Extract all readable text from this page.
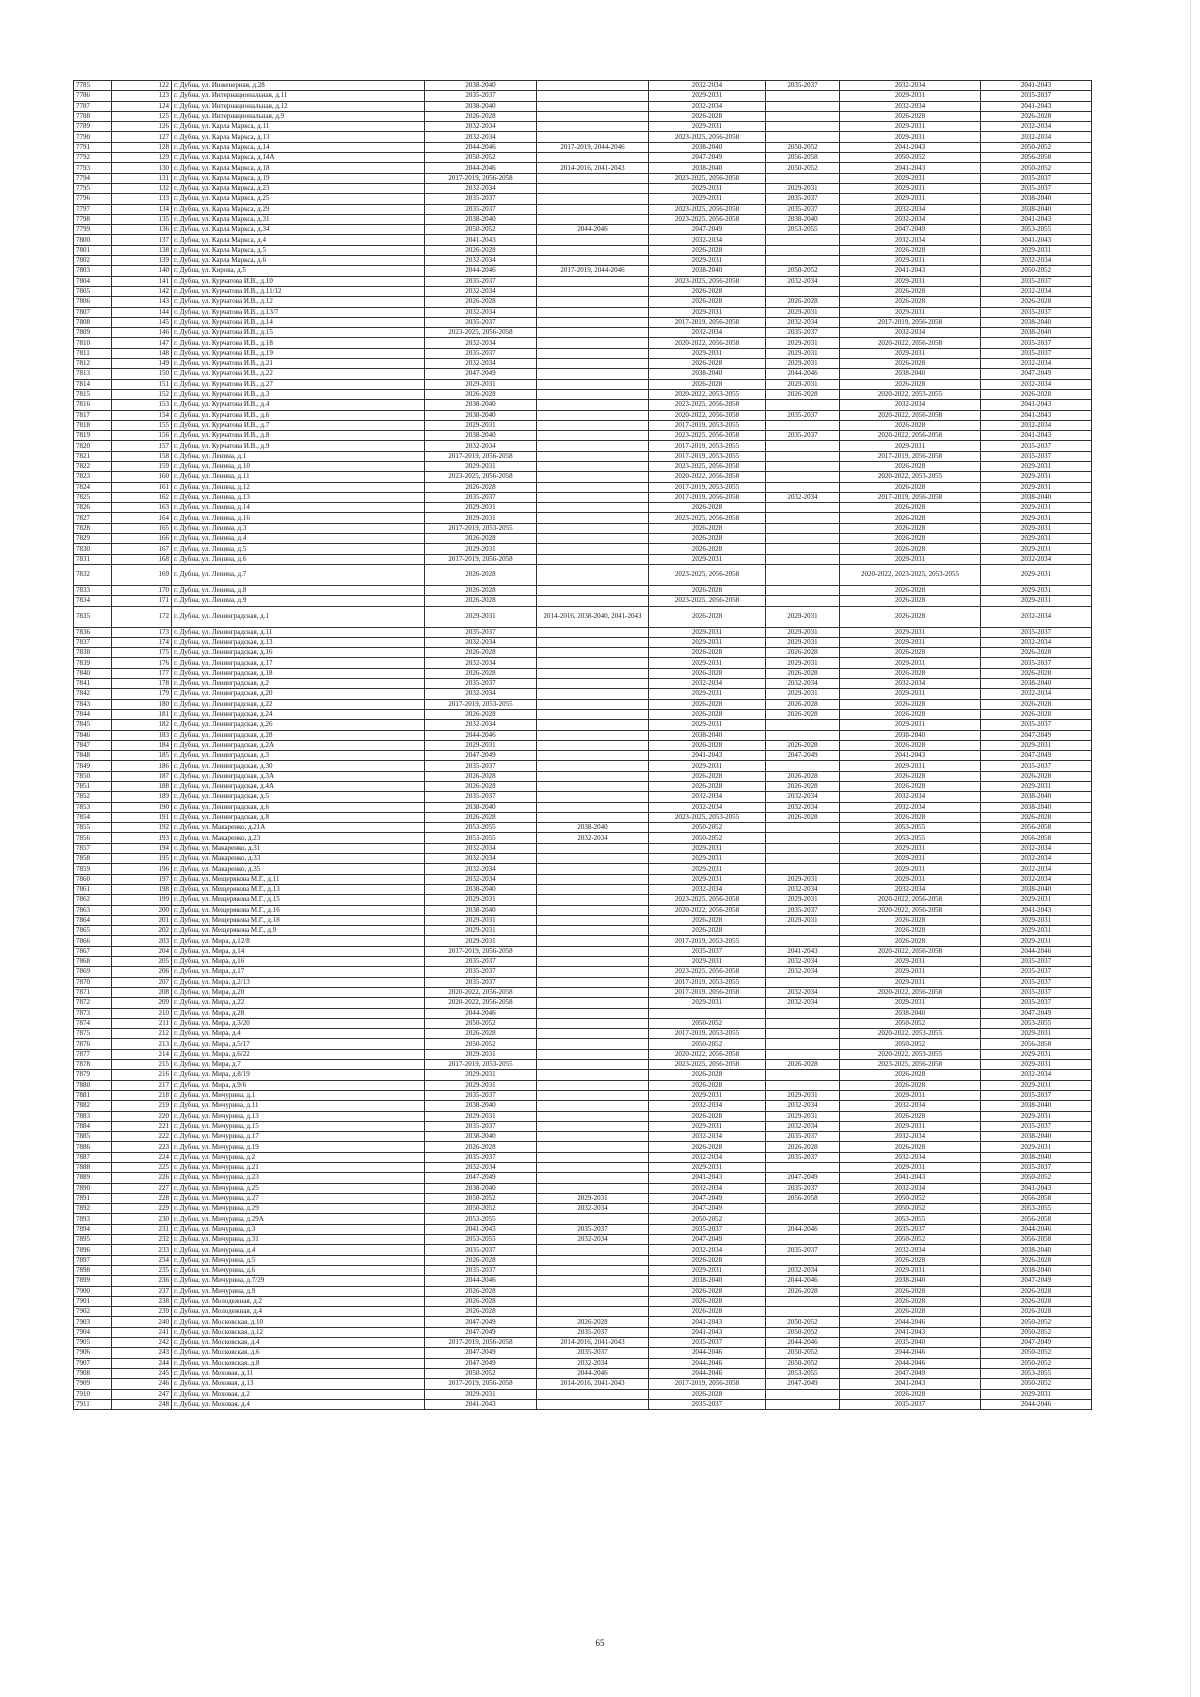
7785	122	г. Дубна, ул. Инженерная, д.28	2038-2040		2032-2034	2035-2037	2032-2034	2041-2043
7786	123	г. Дубна, ул. Интернациональная, д.11	2035-2037		2029-2031		2029-2031	2035-2037
7787	124	г. Дубна, ул. Интернациональная, д.12	2038-2040		2032-2034		2032-2034	2041-2043
7788	125	г. Дубна, ул. Интернациональная, д.9	2026-2028		2026-2028		2026-2028	2026-2028
7789	126	г. Дубна, ул. Карла Маркса, д.11	2032-2034		2029-2031		2029-2031	2032-2034
7790	127	г. Дубна, ул. Карла Маркса, д.13	2032-2034		2023-2025, 2056-2058		2029-2031	2032-2034
7791	128	г. Дубна, ул. Карла Маркса, д.14	2044-2046	2017-2019, 2044-2046	2038-2040	2050-2052	2041-2043	2050-2052
7792	129	г. Дубна, ул. Карла Маркса, д.14А	2050-2052		2047-2049	2056-2058	2050-2052	2056-2058
7793	130	г. Дубна, ул. Карла Маркса, д.18	2044-2046	2014-2016, 2041-2043	2038-2040	2050-2052	2041-2043	2050-2052
7794	131	г. Дубна, ул. Карла Маркса, д.19	2017-2019, 2056-2058		2023-2025, 2056-2058		2029-2031	2035-2037
7795	132	г. Дубна, ул. Карла Маркса, д.23	2032-2034		2029-2031	2029-2031	2029-2031	2035-2037
7796	133	г. Дубна, ул. Карла Маркса, д.25	2035-2037		2029-2031	2035-2037	2029-2031	2038-2040
7797	134	г. Дубна, ул. Карла Маркса, д.29	2035-2037		2023-2025, 2056-2058	2035-2037	2032-2034	2038-2040
7798	135	г. Дубна, ул. Карла Маркса, д.31	2038-2040		2023-2025, 2056-2058	2038-2040	2032-2034	2041-2043
7799	136	г. Дубна, ул. Карла Маркса, д.34	2050-2052	2044-2046	2047-2049	2053-2055	2047-2049	2053-2055
7800	137	г. Дубна, ул. Карла Маркса, д.4	2041-2043		2032-2034		2032-2034	2041-2043
7801	138	г. Дубна, ул. Карла Маркса, д.5	2026-2028		2026-2028		2026-2028	2029-2031
7802	139	г. Дубна, ул. Карла Маркса, д.6	2032-2034		2029-2031		2029-2031	2032-2034
7803	140	г. Дубна, ул. Кирова, д.5	2044-2046	2017-2019, 2044-2046	2038-2040	2050-2052	2041-2043	2050-2052
7804	141	г. Дубна, ул. Курчатова И.В., д.10	2035-2037		2023-2025, 2056-2058	2032-2034	2029-2031	2035-2037
7805	142	г. Дубна, ул. Курчатова И.В., д.11/12	2032-2034		2026-2028		2026-2028	2032-2034
7806	143	г. Дубна, ул. Курчатова И.В., д.12	2026-2028		2026-2028	2026-2028	2026-2028	2026-2028
7807	144	г. Дубна, ул. Курчатова И.В., д.13/7	2032-2034		2029-2031	2029-2031	2029-2031	2035-2037
7808	145	г. Дубна, ул. Курчатова И.В., д.14	2035-2037		2017-2019, 2056-2058	2032-2034	2017-2019, 2056-2058	2038-2040
7809	146	г. Дубна, ул. Курчатова И.В., д.15	2023-2025, 2056-2058		2032-2034	2035-2037	2032-2034	2038-2040
7810	147	г. Дубна, ул. Курчатова И.В., д.18	2032-2034		2020-2022, 2056-2058	2029-2031	2020-2022, 2056-2058	2035-2037
7811	148	г. Дубна, ул. Курчатова И.В., д.19	2035-2037		2029-2031	2029-2031	2029-2031	2035-2037
7812	149	г. Дубна, ул. Курчатова И.В., д.21	2032-2034		2026-2028	2029-2031	2026-2028	2032-2034
7813	150	г. Дубна, ул. Курчатова И.В., д.22	2047-2049		2038-2040	2044-2046	2038-2040	2047-2049
7814	151	г. Дубна, ул. Курчатова И.В., д.27	2029-2031		2026-2028	2029-2031	2026-2028	2032-2034
7815	152	г. Дубна, ул. Курчатова И.В., д.3	2026-2028		2020-2022, 2053-2055	2026-2028	2020-2022, 2053-2055	2026-2028
7816	153	г. Дубна, ул. Курчатова И.В., д.4	2038-2040		2023-2025, 2056-2058		2032-2034	2041-2043
7817	154	г. Дубна, ул. Курчатова И.В., д.6	2038-2040		2020-2022, 2056-2058	2035-2037	2020-2022, 2056-2058	2041-2043
7818	155	г. Дубна, ул. Курчатова И.В., д.7	2029-2031		2017-2019, 2053-2055		2026-2028	2032-2034
7819	156	г. Дубна, ул. Курчатова И.В., д.8	2038-2040		2023-2025, 2056-2058	2035-2037	2020-2022, 2056-2058	2041-2043
7820	157	г. Дубна, ул. Курчатова И.В., д.9	2032-2034		2017-2019, 2053-2055		2029-2031	2035-2037
7821	158	г. Дубна, ул. Ленина, д.1	2017-2019, 2056-2058		2017-2019, 2053-2055		2017-2019, 2056-2058	2035-2037
7822	159	г. Дубна, ул. Ленина, д.10	2029-2031		2023-2025, 2056-2058		2026-2028	2029-2031
7823	160	г. Дубна, ул. Ленина, д.11	2023-2025, 2056-2058		2020-2022, 2056-2058		2020-2022, 2053-2055	2029-2031
7824	161	г. Дубна, ул. Ленина, д.12	2026-2028		2017-2019, 2053-2055		2026-2028	2029-2031
7825	162	г. Дубна, ул. Ленина, д.13	2035-2037		2017-2019, 2056-2058	2032-2034	2017-2019, 2056-2058	2038-2040
7826	163	г. Дубна, ул. Ленина, д.14	2029-2031		2026-2028		2026-2028	2029-2031
7827	164	г. Дубна, ул. Ленина, д.16	2029-2031		2023-2025, 2056-2058		2026-2028	2029-2031
7828	165	г. Дубна, ул. Ленина, д.3	2017-2019, 2053-2055		2026-2028		2026-2028	2029-2031
7829	166	г. Дубна, ул. Ленина, д.4	2026-2028		2026-2028		2026-2028	2029-2031
7830	167	г. Дубна, ул. Ленина, д.5	2029-2031		2026-2028		2026-2028	2029-2031
7831	168	г. Дубна, ул. Ленина, д.6	2017-2019, 2056-2058		2029-2031		2029-2031	2032-2034
7832	169	г. Дубна, ул. Ленина, д.7	2026-2028		2023-2025, 2056-2058		2020-2022, 2023-2025, 2053-2055	2029-2031
7833	170	г. Дубна, ул. Ленина, д.8	2026-2028		2026-2028		2026-2028	2029-2031
7834	171	г. Дубна, ул. Ленина, д.9	2026-2028		2023-2025, 2056-2058		2026-2028	2029-2031
7835	172	г. Дубна, ул. Ленинградская, д.1	2029-2031	2014-2016, 2038-2040, 2041-2043	2026-2028	2029-2031	2026-2028	2032-2034
7836	173	г. Дубна, ул. Ленинградская, д.11	2035-2037		2029-2031	2029-2031	2029-2031	2035-2037
7837	174	г. Дубна, ул. Ленинградская, д.13	2032-2034		2029-2031	2029-2031	2029-2031	2032-2034
7838	175	г. Дубна, ул. Ленинградская, д.16	2026-2028		2026-2028	2026-2028	2026-2028	2026-2028
7839	176	г. Дубна, ул. Ленинградская, д.17	2032-2034		2029-2031	2029-2031	2029-2031	2035-2037
7840	177	г. Дубна, ул. Ленинградская, д.18	2026-2028		2026-2028	2026-2028	2026-2028	2026-2028
7841	178	г. Дубна, ул. Ленинградская, д.2	2035-2037		2032-2034	2032-2034	2032-2034	2038-2040
7842	179	г. Дубна, ул. Ленинградская, д.20	2032-2034		2029-2031	2029-2031	2029-2031	2032-2034
7843	180	г. Дубна, ул. Ленинградская, д.22	2017-2019, 2053-2055		2026-2028	2026-2028	2026-2028	2026-2028
7844	181	г. Дубна, ул. Ленинградская, д.24	2026-2028		2026-2028	2026-2028	2026-2028	2026-2028
7845	182	г. Дубна, ул. Ленинградская, д.26	2032-2034		2029-2031		2029-2031	2035-2037
7846	183	г. Дубна, ул. Ленинградская, д.28	2044-2046		2038-2040		2038-2040	2047-2049
7847	184	г. Дубна, ул. Ленинградская, д.2А	2029-2031		2026-2028	2026-2028	2026-2028	2029-2031
7848	185	г. Дубна, ул. Ленинградская, д.3	2047-2049		2041-2043	2047-2049	2041-2043	2047-2049
7849	186	г. Дубна, ул. Ленинградская, д.30	2035-2037		2029-2031		2029-2031	2035-2037
7850	187	г. Дубна, ул. Ленинградская, д.3А	2026-2028		2026-2028	2026-2028	2026-2028	2026-2028
7851	188	г. Дубна, ул. Ленинградская, д.4А	2026-2028		2026-2028	2026-2028	2026-2028	2029-2031
7852	189	г. Дубна, ул. Ленинградская, д.5	2035-2037		2032-2034	2032-2034	2032-2034	2038-2040
7853	190	г. Дубна, ул. Ленинградская, д.6	2038-2040		2032-2034	2032-2034	2032-2034	2038-2040
7854	191	г. Дубна, ул. Ленинградская, д.8	2026-2028		2023-2025, 2053-2055	2026-2028	2026-2028	2026-2028
7855	192	г. Дубна, ул. Макаренко, д.21А	2053-2055	2038-2040	2050-2052		2053-2055	2056-2058
7856	193	г. Дубна, ул. Макаренко, д.23	2053-2055	2032-2034	2050-2052		2053-2055	2056-2058
7857	194	г. Дубна, ул. Макаренко, д.31	2032-2034		2029-2031		2029-2031	2032-2034
7858	195	г. Дубна, ул. Макаренко, д.33	2032-2034		2029-2031		2029-2031	2032-2034
7859	196	г. Дубна, ул. Макаренко, д.35	2032-2034		2029-2031		2029-2031	2032-2034
7860	197	г. Дубна, ул. Мещерякова М.Г., д.11	2032-2034		2029-2031	2029-2031	2029-2031	2032-2034
7861	198	г. Дубна, ул. Мещерякова М.Г., д.13	2038-2040		2032-2034	2032-2034	2032-2034	2038-2040
7862	199	г. Дубна, ул. Мещерякова М.Г., д.15	2029-2031		2023-2025, 2056-2058	2029-2031	2020-2022, 2056-2058	2029-2031
7863	200	г. Дубна, ул. Мещерякова М.Г., д.16	2038-2040		2020-2022, 2056-2058	2035-2037	2020-2022, 2056-2058	2041-2043
7864	201	г. Дубна, ул. Мещерякова М.Г., д.18	2029-2031		2026-2028	2029-2031	2026-2028	2029-2031
7865	202	г. Дубна, ул. Мещерякова М.Г., д.9	2029-2031		2026-2028		2026-2028	2029-2031
7866	203	г. Дубна, ул. Мира, д.12/8	2029-2031		2017-2019, 2053-2055		2026-2028	2029-2031
7867	204	г. Дубна, ул. Мира, д.14	2017-2019, 2056-2058		2035-2037	2041-2043	2020-2022, 2056-2058	2044-2046
7868	205	г. Дубна, ул. Мира, д.16	2035-2037		2029-2031	2032-2034	2029-2031	2035-2037
7869	206	г. Дубна, ул. Мира, д.17	2035-2037		2023-2025, 2056-2058	2032-2034	2029-2031	2035-2037
7870	207	г. Дубна, ул. Мира, д.2/13	2035-2037		2017-2019, 2053-2055		2029-2031	2035-2037
7871	208	г. Дубна, ул. Мира, д.20	2020-2022, 2056-2058		2017-2019, 2056-2058	2032-2034	2020-2022, 2056-2058	2035-2037
7872	209	г. Дубна, ул. Мира, д.22	2020-2022, 2056-2058		2029-2031	2032-2034	2029-2031	2035-2037
7873	210	г. Дубна, ул. Мира, д.28	2044-2046				2038-2040	2047-2049
7874	211	г. Дубна, ул. Мира, д.3/20	2050-2052		2050-2052		2050-2052	2053-2055
7875	212	г. Дубна, ул. Мира, д.4	2026-2028		2017-2019, 2053-2055		2020-2022, 2053-2055	2029-2031
7876	213	г. Дубна, ул. Мира, д.5/17	2050-2052		2050-2052		2050-2052	2056-2058
7877	214	г. Дубна, ул. Мира, д.6/22	2029-2031		2020-2022, 2056-2058		2020-2022, 2053-2055	2029-2031
7878	215	г. Дубна, ул. Мира, д.7	2017-2019, 2053-2055		2023-2025, 2056-2058	2026-2028	2023-2025, 2056-2058	2029-2031
7879	216	г. Дубна, ул. Мира, д.8/19	2029-2031		2026-2028		2026-2028	2032-2034
7880	217	г. Дубна, ул. Мира, д.9/6	2029-2031		2026-2028		2026-2028	2029-2031
7881	218	г. Дубна, ул. Мичурина, д.1	2035-2037		2029-2031	2029-2031	2029-2031	2035-2037
7882	219	г. Дубна, ул. Мичурина, д.11	2038-2040		2032-2034	2032-2034	2032-2034	2038-2040
7883	220	г. Дубна, ул. Мичурина, д.13	2029-2031		2026-2028	2029-2031	2026-2028	2029-2031
7884	221	г. Дубна, ул. Мичурина, д.15	2035-2037		2029-2031	2032-2034	2029-2031	2035-2037
7885	222	г. Дубна, ул. Мичурина, д.17	2038-2040		2032-2034	2035-2037	2032-2034	2038-2040
7886	223	г. Дубна, ул. Мичурина, д.19	2026-2028		2026-2028	2026-2028	2026-2028	2029-2031
7887	224	г. Дубна, ул. Мичурина, д.2	2035-2037		2032-2034	2035-2037	2032-2034	2038-2040
7888	225	г. Дубна, ул. Мичурина, д.21	2032-2034		2029-2031		2029-2031	2035-2037
7889	226	г. Дубна, ул. Мичурина, д.23	2047-2049		2041-2043	2047-2049	2041-2043	2050-2052
7890	227	г. Дубна, ул. Мичурина, д.25	2038-2040		2032-2034	2035-2037	2032-2034	2041-2043
7891	228	г. Дубна, ул. Мичурина, д.27	2050-2052	2029-2031	2047-2049	2056-2058	2050-2052	2056-2058
7892	229	г. Дубна, ул. Мичурина, д.29	2050-2052	2032-2034	2047-2049		2050-2052	2053-2055
7893	230	г. Дубна, ул. Мичурина, д.29А	2053-2055		2050-2052		2053-2055	2056-2058
7894	231	г. Дубна, ул. Мичурина, д.3	2041-2043	2035-2037	2035-2037	2044-2046	2035-2037	2044-2046
7895	232	г. Дубна, ул. Мичурина, д.31	2053-2055	2032-2034	2047-2049		2050-2052	2056-2058
7896	233	г. Дубна, ул. Мичурина, д.4	2035-2037		2032-2034	2035-2037	2032-2034	2038-2040
7897	234	г. Дубна, ул. Мичурина, д.5	2026-2028		2026-2028		2026-2028	2026-2028
7898	235	г. Дубна, ул. Мичурина, д.6	2035-2037		2029-2031	2032-2034	2029-2031	2038-2040
7899	236	г. Дубна, ул. Мичурина, д.7/29	2044-2046		2038-2040	2044-2046	2038-2040	2047-2049
7900	237	г. Дубна, ул. Мичурина, д.9	2026-2028		2026-2028	2026-2028	2026-2028	2026-2028
7901	238	г. Дубна, ул. Молодежная, д.2	2026-2028		2026-2028		2026-2028	2026-2028
7902	239	г. Дубна, ул. Молодежная, д.4	2026-2028		2026-2028		2026-2028	2026-2028
7903	240	г. Дубна, ул. Московская, д.10	2047-2049	2026-2028	2041-2043	2050-2052	2044-2046	2050-2052
7904	241	г. Дубна, ул. Московская, д.12	2047-2049	2035-2037	2041-2043	2050-2052	2041-2043	2050-2052
7905	242	г. Дубна, ул. Московская, д.4	2017-2019, 2056-2058	2014-2016, 2041-2043	2035-2037	2044-2046	2035-2040	2047-2049
7906	243	г. Дубна, ул. Московская, д.6	2047-2049	2035-2037	2044-2046	2050-2052	2044-2046	2050-2052
7907	244	г. Дубна, ул. Московская, д.8	2047-2049	2032-2034	2044-2046	2050-2052	2044-2046	2050-2052
7908	245	г. Дубна, ул. Моховая, д.11	2050-2052	2044-2046	2044-2046	2053-2055	2047-2049	2053-2055
7909	246	г. Дубна, ул. Моховая, д.13	2017-2019, 2056-2058	2014-2016, 2041-2043	2017-2019, 2056-2058	2047-2049	2041-2043	2050-2052
7910	247	г. Дубна, ул. Моховая, д.2	2029-2031		2026-2028		2026-2028	2029-2031
7911	248	г. Дубна, ул. Моховая, д.4	2041-2043		2035-2037		2035-2037	2044-2046
65
